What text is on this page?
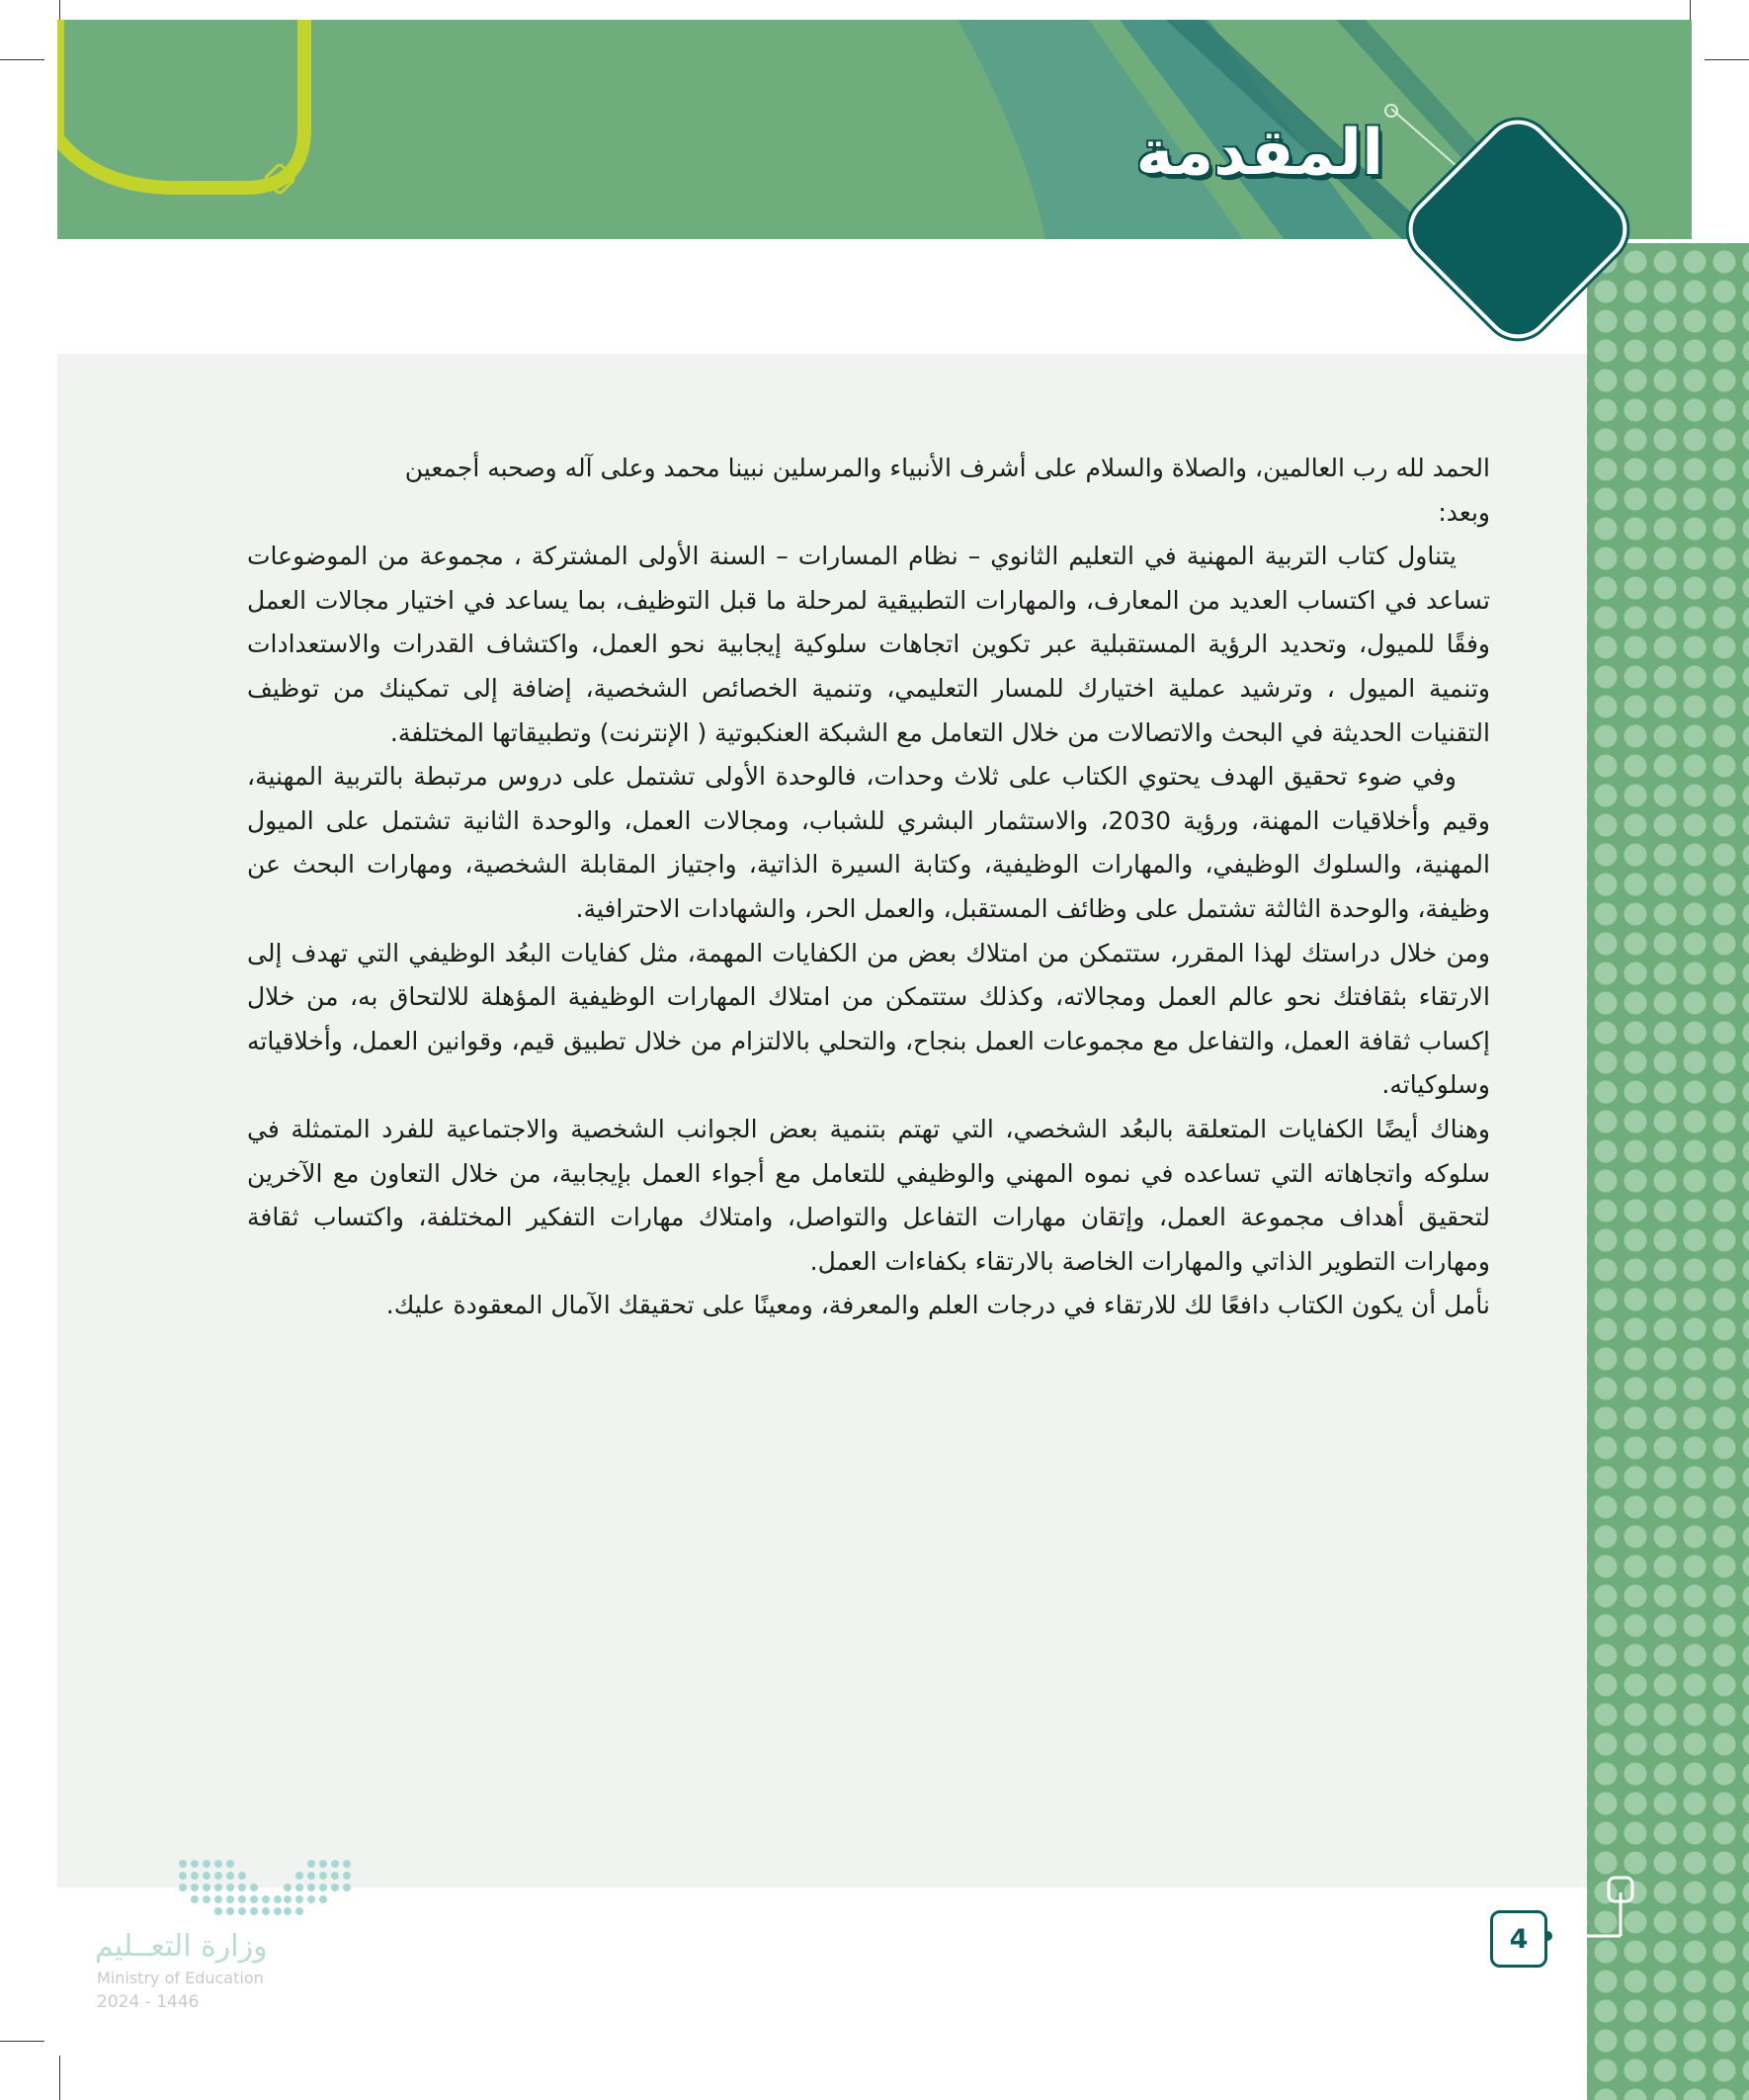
المقدمة

الحمد لله رب العالمين، والصلاة والسلام على أشرف الأنبياء والمرسلين نبينا محمد وعلى آله وصحبه أجمعين

وبعد:

يتناول كتاب التربية المهنية في التعليم الثانوي – نظام المسارات – السنة الأولى المشتركة ، مجموعة من الموضوعات تساعد في اكتساب العديد من المعارف، والمهارات التطبيقية لمرحلة ما قبل التوظيف، بما يساعد في اختيار مجالات العمل وفقًا للميول، وتحديد الرؤية المستقبلية عبر تكوين اتجاهات سلوكية إيجابية نحو العمل، واكتشاف القدرات والاستعدادات وتنمية الميول ، وترشيد عملية اختيارك للمسار التعليمي، وتنمية الخصائص الشخصية، إضافة إلى تمكينك من توظيف التقنيات الحديثة في البحث والاتصالات من خلال التعامل مع الشبكة العنكبوتية ( الإنترنت) وتطبيقاتها المختلفة.

وفي ضوء تحقيق الهدف يحتوي الكتاب على ثلاث وحدات، فالوحدة الأولى تشتمل على دروس مرتبطة بالتربية المهنية، وقيم وأخلاقيات المهنة، ورؤية 2030، والاستثمار البشري للشباب، ومجالات العمل، والوحدة الثانية تشتمل على الميول المهنية، والسلوك الوظيفي، والمهارات الوظيفية، وكتابة السيرة الذاتية، واجتياز المقابلة الشخصية، ومهارات البحث عن وظيفة، والوحدة الثالثة تشتمل على وظائف المستقبل، والعمل الحر، والشهادات الاحترافية.

ومن خلال دراستك لهذا المقرر، ستتمكن من امتلاك بعض من الكفايات المهمة، مثل كفايات البعُد الوظيفي التي تهدف إلى الارتقاء بثقافتك نحو عالم العمل ومجالاته، وكذلك ستتمكن من امتلاك المهارات الوظيفية المؤهلة للالتحاق به، من خلال إكساب ثقافة العمل، والتفاعل مع مجموعات العمل بنجاح، والتحلي بالالتزام من خلال تطبيق قيم، وقوانين العمل، وأخلاقياته وسلوكياته.

وهناك أيضًا الكفايات المتعلقة بالبعُد الشخصي، التي تهتم بتنمية بعض الجوانب الشخصية والاجتماعية للفرد المتمثلة في سلوكه واتجاهاته التي تساعده في نموه المهني والوظيفي للتعامل مع أجواء العمل بإيجابية، من خلال التعاون مع الآخرين لتحقيق أهداف مجموعة العمل، وإتقان مهارات التفاعل والتواصل، وامتلاك مهارات التفكير المختلفة، واكتساب ثقافة ومهارات التطوير الذاتي والمهارات الخاصة بالارتقاء بكفاءات العمل.

نأمل أن يكون الكتاب دافعًا لك للارتقاء في درجات العلم والمعرفة، ومعينًا على تحقيقك الآمال المعقودة عليك.

4
وزارة التعــليم
Ministry of Education
2024 - 1446
